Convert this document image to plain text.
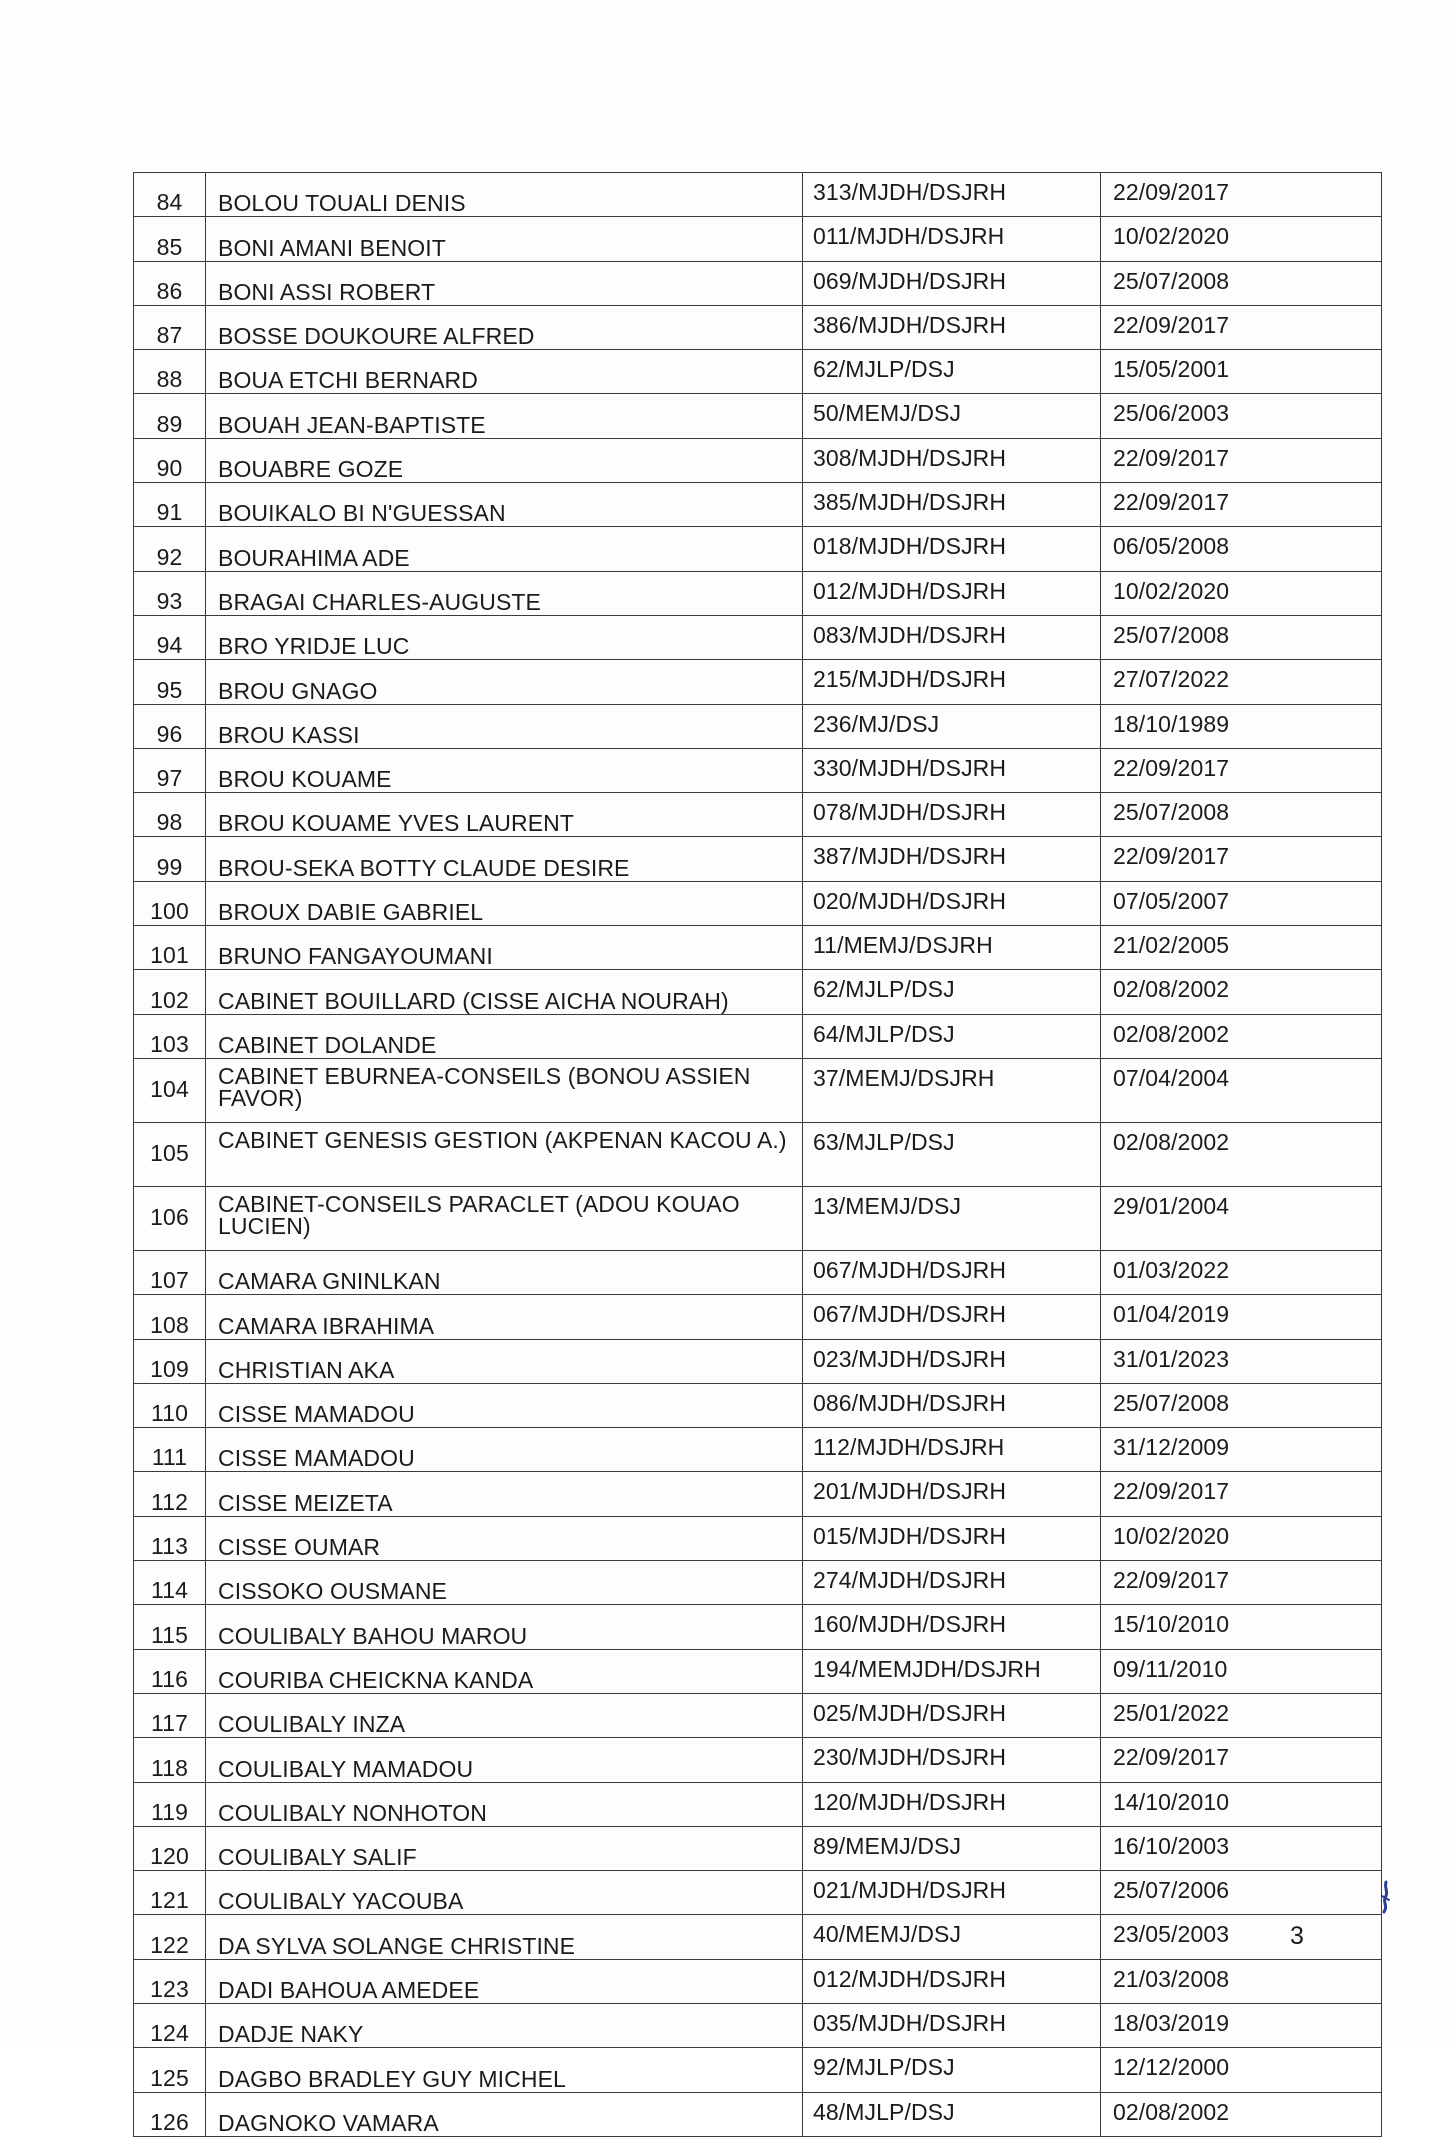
84	BOLOU TOUALI DENIS	313/MJDH/DSJRH	22/09/2017
85	BONI AMANI BENOIT	011/MJDH/DSJRH	10/02/2020
86	BONI ASSI ROBERT	069/MJDH/DSJRH	25/07/2008
87	BOSSE DOUKOURE ALFRED	386/MJDH/DSJRH	22/09/2017
88	BOUA ETCHI BERNARD	62/MJLP/DSJ	15/05/2001
89	BOUAH JEAN-BAPTISTE	50/MEMJ/DSJ	25/06/2003
90	BOUABRE GOZE	308/MJDH/DSJRH	22/09/2017
91	BOUIKALO BI N'GUESSAN	385/MJDH/DSJRH	22/09/2017
92	BOURAHIMA ADE	018/MJDH/DSJRH	06/05/2008
93	BRAGAI CHARLES-AUGUSTE	012/MJDH/DSJRH	10/02/2020
94	BRO YRIDJE LUC	083/MJDH/DSJRH	25/07/2008
95	BROU GNAGO	215/MJDH/DSJRH	27/07/2022
96	BROU KASSI	236/MJ/DSJ	18/10/1989
97	BROU KOUAME	330/MJDH/DSJRH	22/09/2017
98	BROU KOUAME YVES LAURENT	078/MJDH/DSJRH	25/07/2008
99	BROU-SEKA BOTTY CLAUDE DESIRE	387/MJDH/DSJRH	22/09/2017
100	BROUX DABIE GABRIEL	020/MJDH/DSJRH	07/05/2007
101	BRUNO FANGAYOUMANI	11/MEMJ/DSJRH	21/02/2005
102	CABINET BOUILLARD (CISSE AICHA NOURAH)	62/MJLP/DSJ	02/08/2002
103	CABINET DOLANDE	64/MJLP/DSJ	02/08/2002
104	CABINET EBURNEA-CONSEILS (BONOU ASSIEN FAVOR)	37/MEMJ/DSJRH	07/04/2004
105	CABINET GENESIS GESTION (AKPENAN KACOU A.)	63/MJLP/DSJ	02/08/2002
106	CABINET-CONSEILS PARACLET (ADOU KOUAO LUCIEN)	13/MEMJ/DSJ	29/01/2004
107	CAMARA GNINLKAN	067/MJDH/DSJRH	01/03/2022
108	CAMARA IBRAHIMA	067/MJDH/DSJRH	01/04/2019
109	CHRISTIAN AKA	023/MJDH/DSJRH	31/01/2023
110	CISSE MAMADOU	086/MJDH/DSJRH	25/07/2008
111	CISSE MAMADOU	112/MJDH/DSJRH	31/12/2009
112	CISSE MEIZETA	201/MJDH/DSJRH	22/09/2017
113	CISSE OUMAR	015/MJDH/DSJRH	10/02/2020
114	CISSOKO OUSMANE	274/MJDH/DSJRH	22/09/2017
115	COULIBALY BAHOU MAROU	160/MJDH/DSJRH	15/10/2010
116	COURIBA CHEICKNA KANDA	194/MEMJDH/DSJRH	09/11/2010
117	COULIBALY INZA	025/MJDH/DSJRH	25/01/2022
118	COULIBALY MAMADOU	230/MJDH/DSJRH	22/09/2017
119	COULIBALY NONHOTON	120/MJDH/DSJRH	14/10/2010
120	COULIBALY SALIF	89/MEMJ/DSJ	16/10/2003
121	COULIBALY YACOUBA	021/MJDH/DSJRH	25/07/2006
122	DA SYLVA SOLANGE CHRISTINE	40/MEMJ/DSJ	23/05/2003
123	DADI BAHOUA AMEDEE	012/MJDH/DSJRH	21/03/2008
124	DADJE NAKY	035/MJDH/DSJRH	18/03/2019
125	DAGBO BRADLEY GUY MICHEL	92/MJLP/DSJ	12/12/2000
126	DAGNOKO VAMARA	48/MJLP/DSJ	02/08/2002
3
